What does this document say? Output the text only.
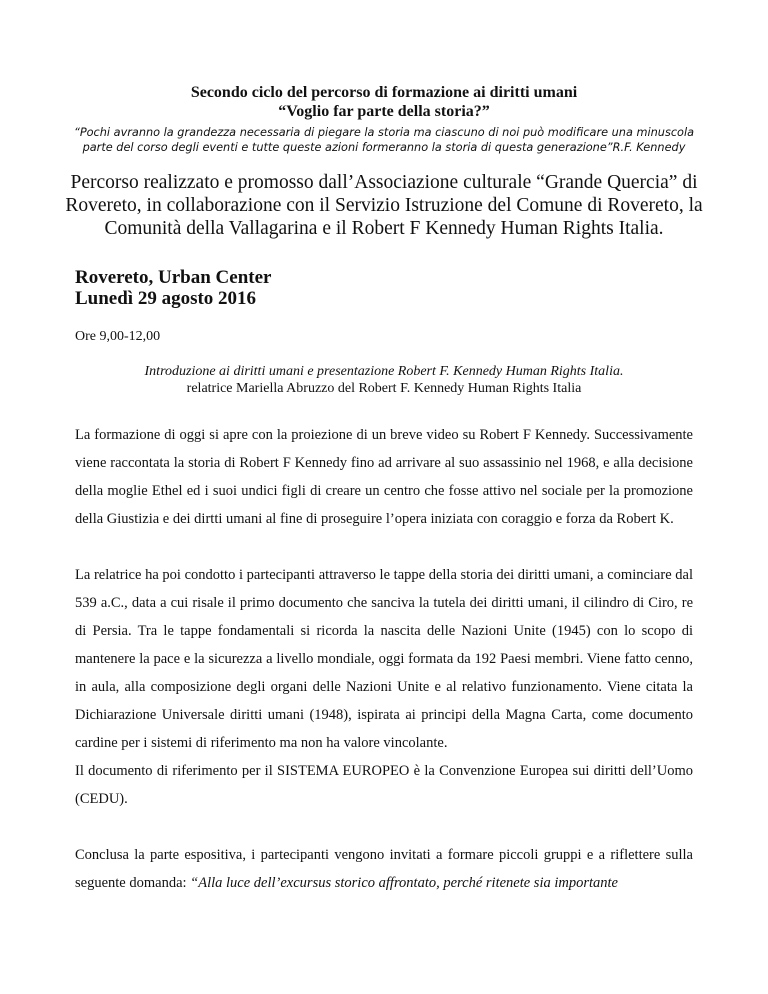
Secondo ciclo del percorso di formazione ai diritti umani

“Voglio far parte della storia?”

“Pochi avranno la grandezza necessaria di piegare la storia ma ciascuno di noi può modificare una minuscola parte del corso degli eventi e tutte queste azioni formeranno la storia di questa generazione”R.F. Kennedy

Percorso realizzato e promosso dall’Associazione culturale “Grande Quercia” di Rovereto, in collaborazione con il Servizio Istruzione del Comune di Rovereto, la Comunità della Vallagarina e il Robert F Kennedy Human Rights Italia.

Rovereto, Urban Center

Lunedì 29 agosto 2016

Ore 9,00-12,00

Introduzione ai diritti umani e presentazione Robert F. Kennedy Human Rights Italia.
relatrice Mariella Abruzzo del Robert F. Kennedy Human Rights Italia

La formazione di oggi si apre con la proiezione di un breve video su Robert F Kennedy. Successivamente viene raccontata la storia di Robert F Kennedy fino ad arrivare al suo assassinio nel 1968, e alla decisione della moglie Ethel ed i suoi undici figli di creare un centro che fosse attivo nel sociale per la promozione della Giustizia e dei dirtti umani al fine di proseguire l’opera iniziata con coraggio e forza da Robert K.

La relatrice ha poi condotto i partecipanti attraverso le tappe della storia dei diritti umani, a cominciare dal 539 a.C., data a cui risale il primo documento che sanciva la tutela dei diritti umani, il cilindro di Ciro, re di Persia. Tra le tappe fondamentali si ricorda la nascita delle Nazioni Unite (1945) con lo scopo di mantenere la pace e la sicurezza a livello mondiale, oggi formata da 192 Paesi membri. Viene fatto cenno, in aula, alla composizione degli organi delle Nazioni Unite e al relativo funzionamento. Viene citata la Dichiarazione Universale diritti umani (1948), ispirata ai principi della Magna Carta, come documento cardine per i sistemi di riferimento ma non ha valore vincolante.

Il documento di riferimento per il SISTEMA EUROPEO è la Convenzione Europea sui diritti dell’Uomo (CEDU).

Conclusa la parte espositiva, i partecipanti vengono invitati a formare piccoli gruppi e a riflettere sulla seguente domanda: “Alla luce dell’excursus storico affrontato, perché ritenete sia importante
